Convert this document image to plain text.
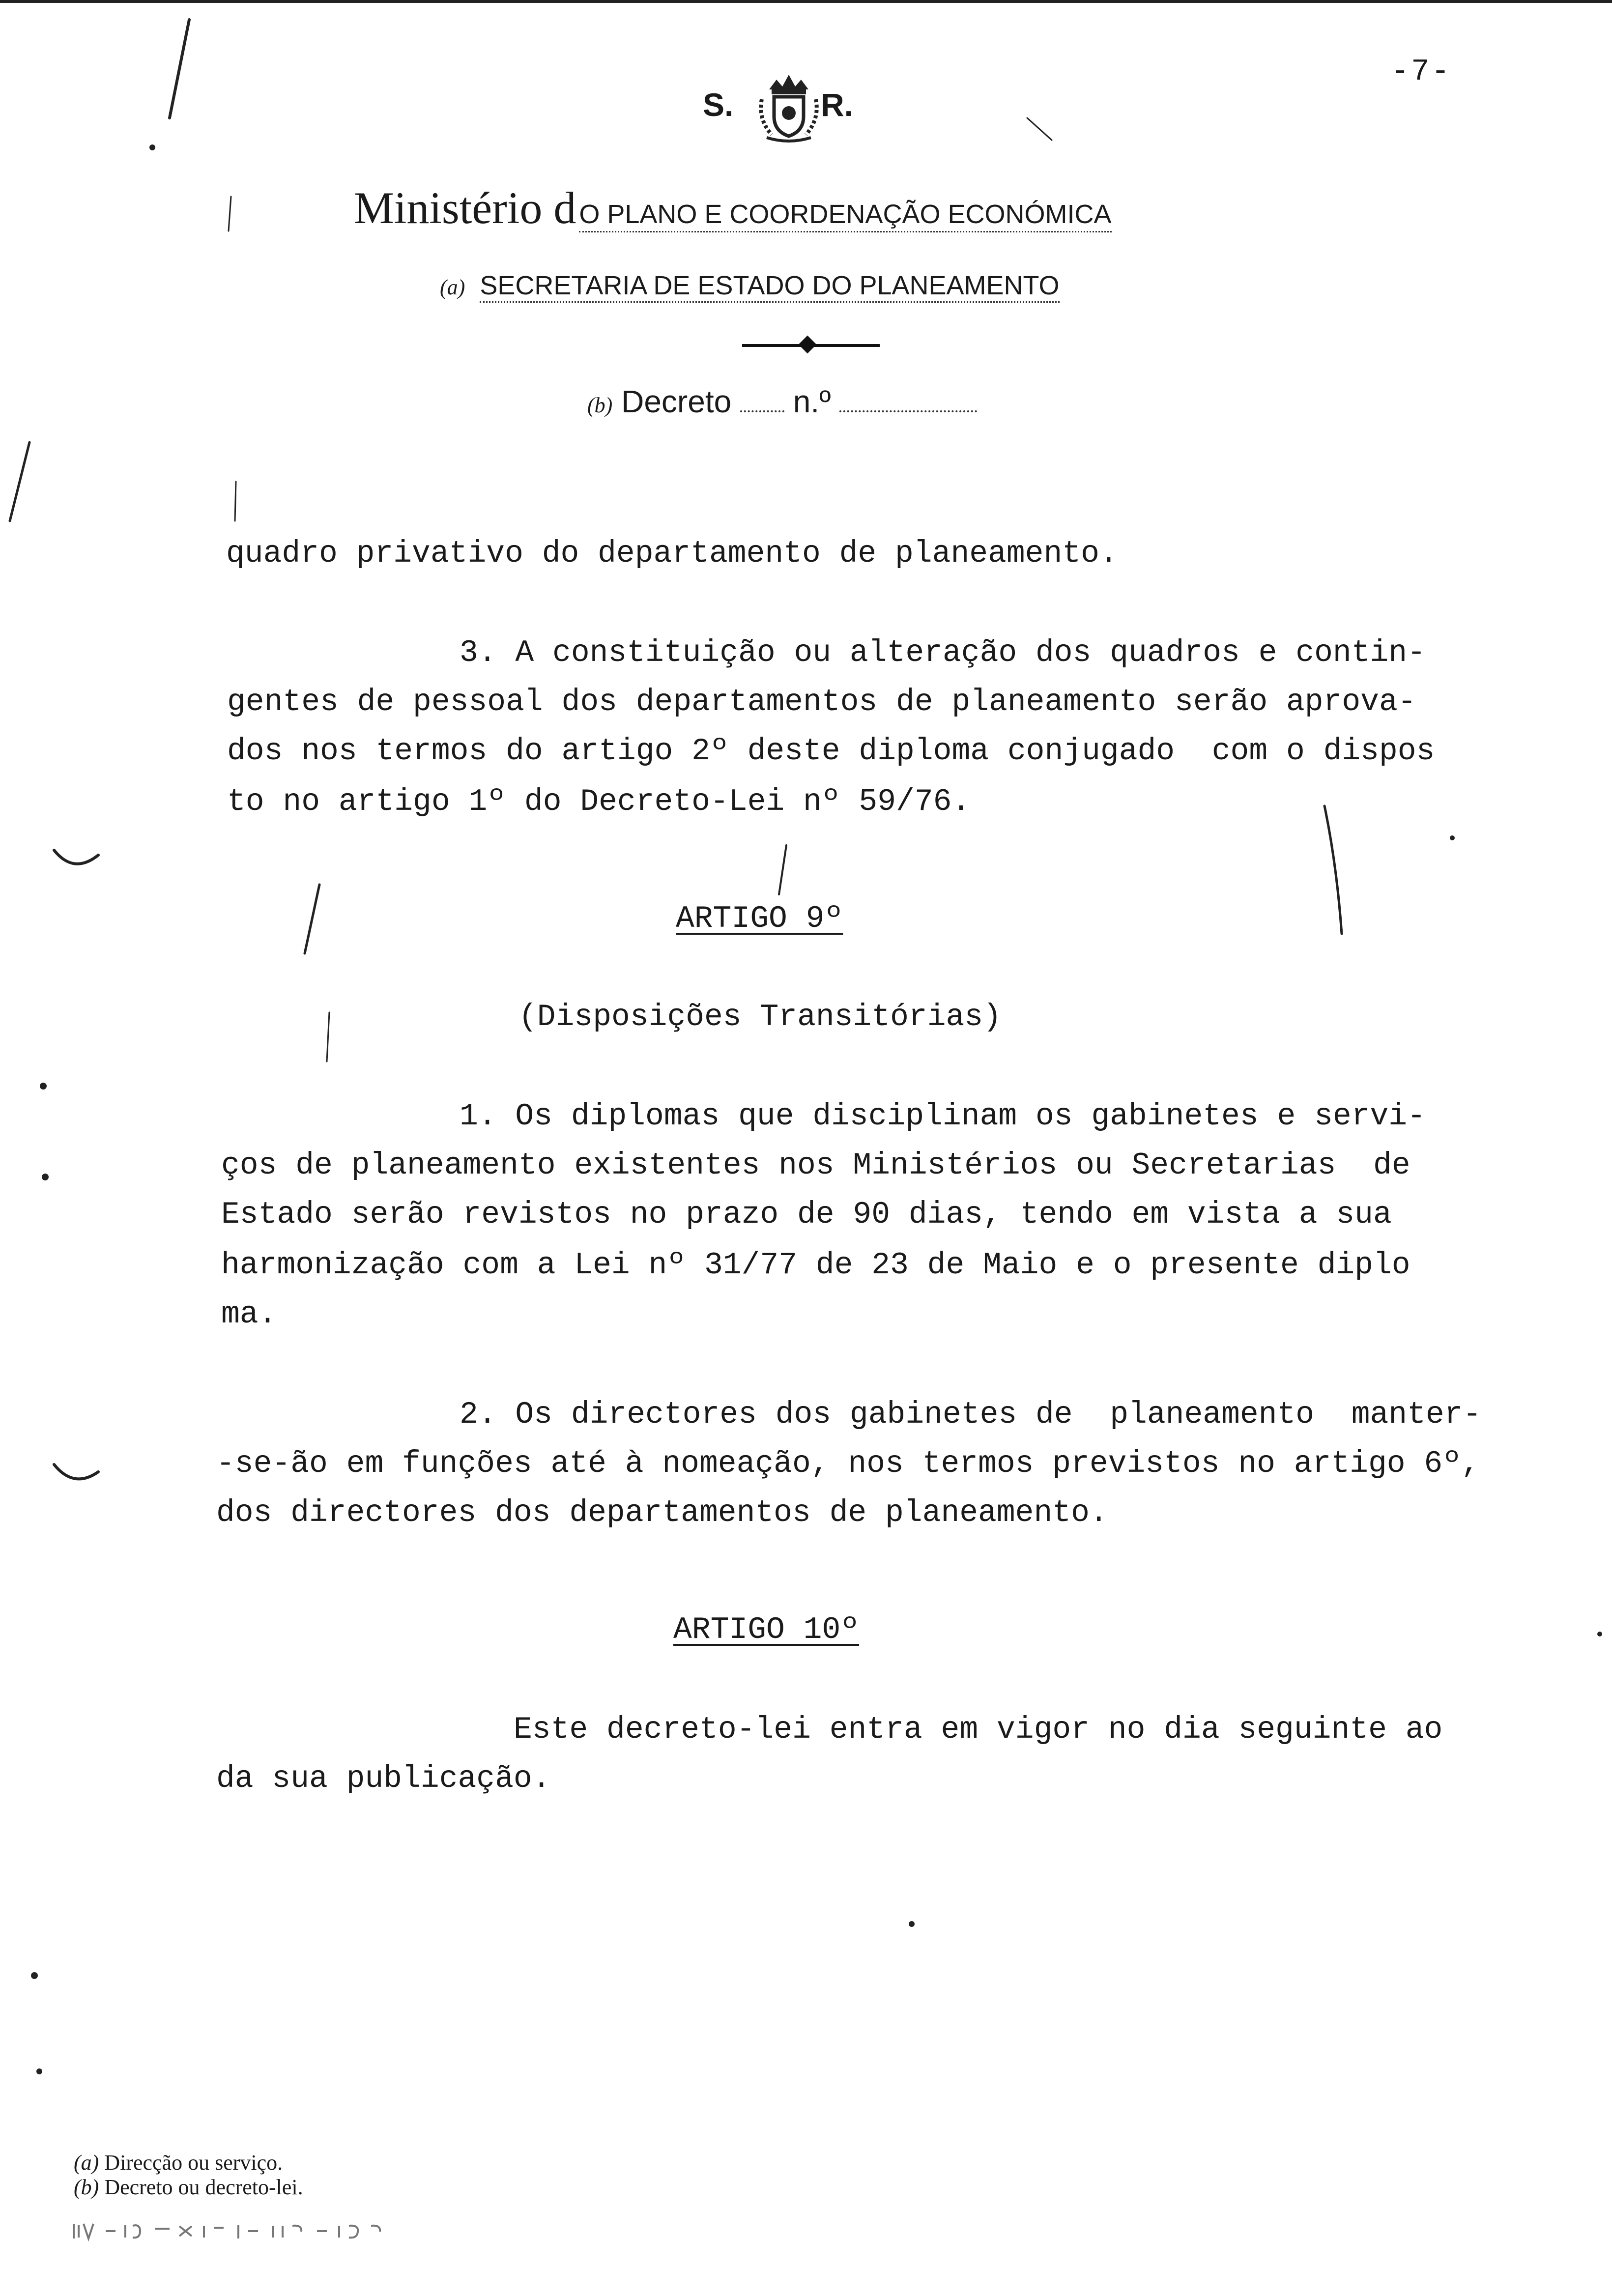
-7-
S.	R.
Ministério d O PLANO E COORDENAÇÃO ECONÓMICA
(a) SECRETARIA DE ESTADO DO PLANEAMENTO
(b) Decreto n.º
quadro privativo do departamento de planeamento.
3. A constituição ou alteração dos quadros e contin-
gentes de pessoal dos departamentos de planeamento serão aprova-
dos nos termos do artigo 2º deste diploma conjugado  com o dispos
to no artigo 1º do Decreto-Lei nº 59/76.
ARTIGO 9º
(Disposições Transitórias)
1. Os diplomas que disciplinam os gabinetes e servi-
ços de planeamento existentes nos Ministérios ou Secretarias  de
Estado serão revistos no prazo de 90 dias, tendo em vista a sua
harmonização com a Lei nº 31/77 de 23 de Maio e o presente diplo
ma.
2. Os directores dos gabinetes de  planeamento  manter-
-se-ão em funções até à nomeação, nos termos previstos no artigo 6º,
dos directores dos departamentos de planeamento.
ARTIGO 10º
Este decreto-lei entra em vigor no dia seguinte ao
da sua publicação.
(a) Direcção ou serviço.
(b) Decreto ou decreto-lei.
